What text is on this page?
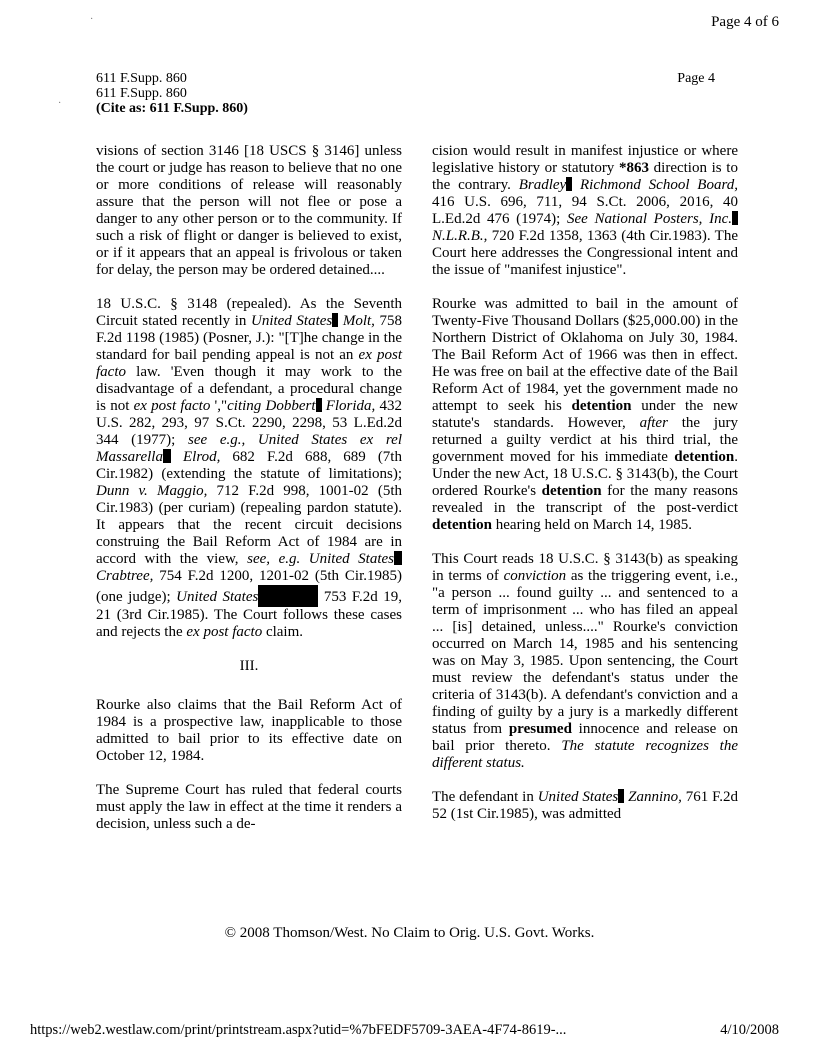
Page 4 of 6
·
·
611 F.Supp. 860
611 F.Supp. 860
(Cite as: 611 F.Supp. 860)
Page 4

visions of section 3146 [18 USCS § 3146] unless the court or judge has reason to believe that no one or more conditions of release will reasonably assure that the person will not flee or pose a danger to any other person or to the community. If such a risk of flight or danger is believed to exist, or if it appears that an appeal is frivolous or taken for delay, the person may be ordered detained....

18 U.S.C. § 3148 (repealed). As the Seventh Circuit stated recently in United States Molt, 758 F.2d 1198 (1985) (Posner, J.): "[T]he change in the standard for bail pending appeal is not an ex post facto law. 'Even though it may work to the disadvantage of a defendant, a procedural change is not ex post facto ',"citing Dobbert Florida, 432 U.S. 282, 293, 97 S.Ct. 2290, 2298, 53 L.Ed.2d 344 (1977); see e.g., United States ex rel Massarella Elrod, 682 F.2d 688, 689 (7th Cir.1982) (extending the statute of limitations); Dunn v. Maggio, 712 F.2d 998, 1001-02 (5th Cir.1983) (per curiam) (repealing pardon statute). It appears that the recent circuit decisions construing the Bail Reform Act of 1984 are in accord with the view, see, e.g. United States Crabtree, 754 F.2d 1200, 1201-02 (5th Cir.1985) (one judge); United States	753 F.2d 19, 21 (3rd Cir.1985). The Court follows these cases and rejects the ex post facto claim.

III.

Rourke also claims that the Bail Reform Act of 1984 is a prospective law, inapplicable to those admitted to bail prior to its effective date on October 12, 1984.

The Supreme Court has ruled that federal courts must apply the law in effect at the time it renders a decision, unless such a de-

cision would result in manifest injustice or where legislative history or statutory *863 direction is to the contrary. Bradley Richmond School Board, 416 U.S. 696, 711, 94 S.Ct. 2006, 2016, 40 L.Ed.2d 476 (1974); See National Posters, Inc. N.L.R.B., 720 F.2d 1358, 1363 (4th Cir.1983). The Court here addresses the Congressional intent and the issue of "manifest injustice".

Rourke was admitted to bail in the amount of Twenty-Five Thousand Dollars ($25,000.00) in the Northern District of Oklahoma on July 30, 1984. The Bail Reform Act of 1966 was then in effect. He was free on bail at the effective date of the Bail Reform Act of 1984, yet the government made no attempt to seek his detention under the new statute's standards. However, after the jury returned a guilty verdict at his third trial, the government moved for his immediate detention. Under the new Act, 18 U.S.C. § 3143(b), the Court ordered Rourke's detention for the many reasons revealed in the transcript of the post-verdict detention hearing held on March 14, 1985.

This Court reads 18 U.S.C. § 3143(b) as speaking in terms of conviction as the triggering event, i.e., "a person ... found guilty ... and sentenced to a term of imprisonment ... who has filed an appeal ... [is] detained, unless...." Rourke's conviction occurred on March 14, 1985 and his sentencing was on May 3, 1985. Upon sentencing, the Court must review the defendant's status under the criteria of 3143(b). A defendant's conviction and a finding of guilty by a jury is a markedly different status from presumed innocence and release on bail prior thereto. The statute recognizes the different status.

The defendant in United States Zannino, 761 F.2d 52 (1st Cir.1985), was admitted

© 2008 Thomson/West. No Claim to Orig. U.S. Govt. Works.
https://web2.westlaw.com/print/printstream.aspx?utid=%7bFEDF5709-3AEA-4F74-8619-...	4/10/2008
